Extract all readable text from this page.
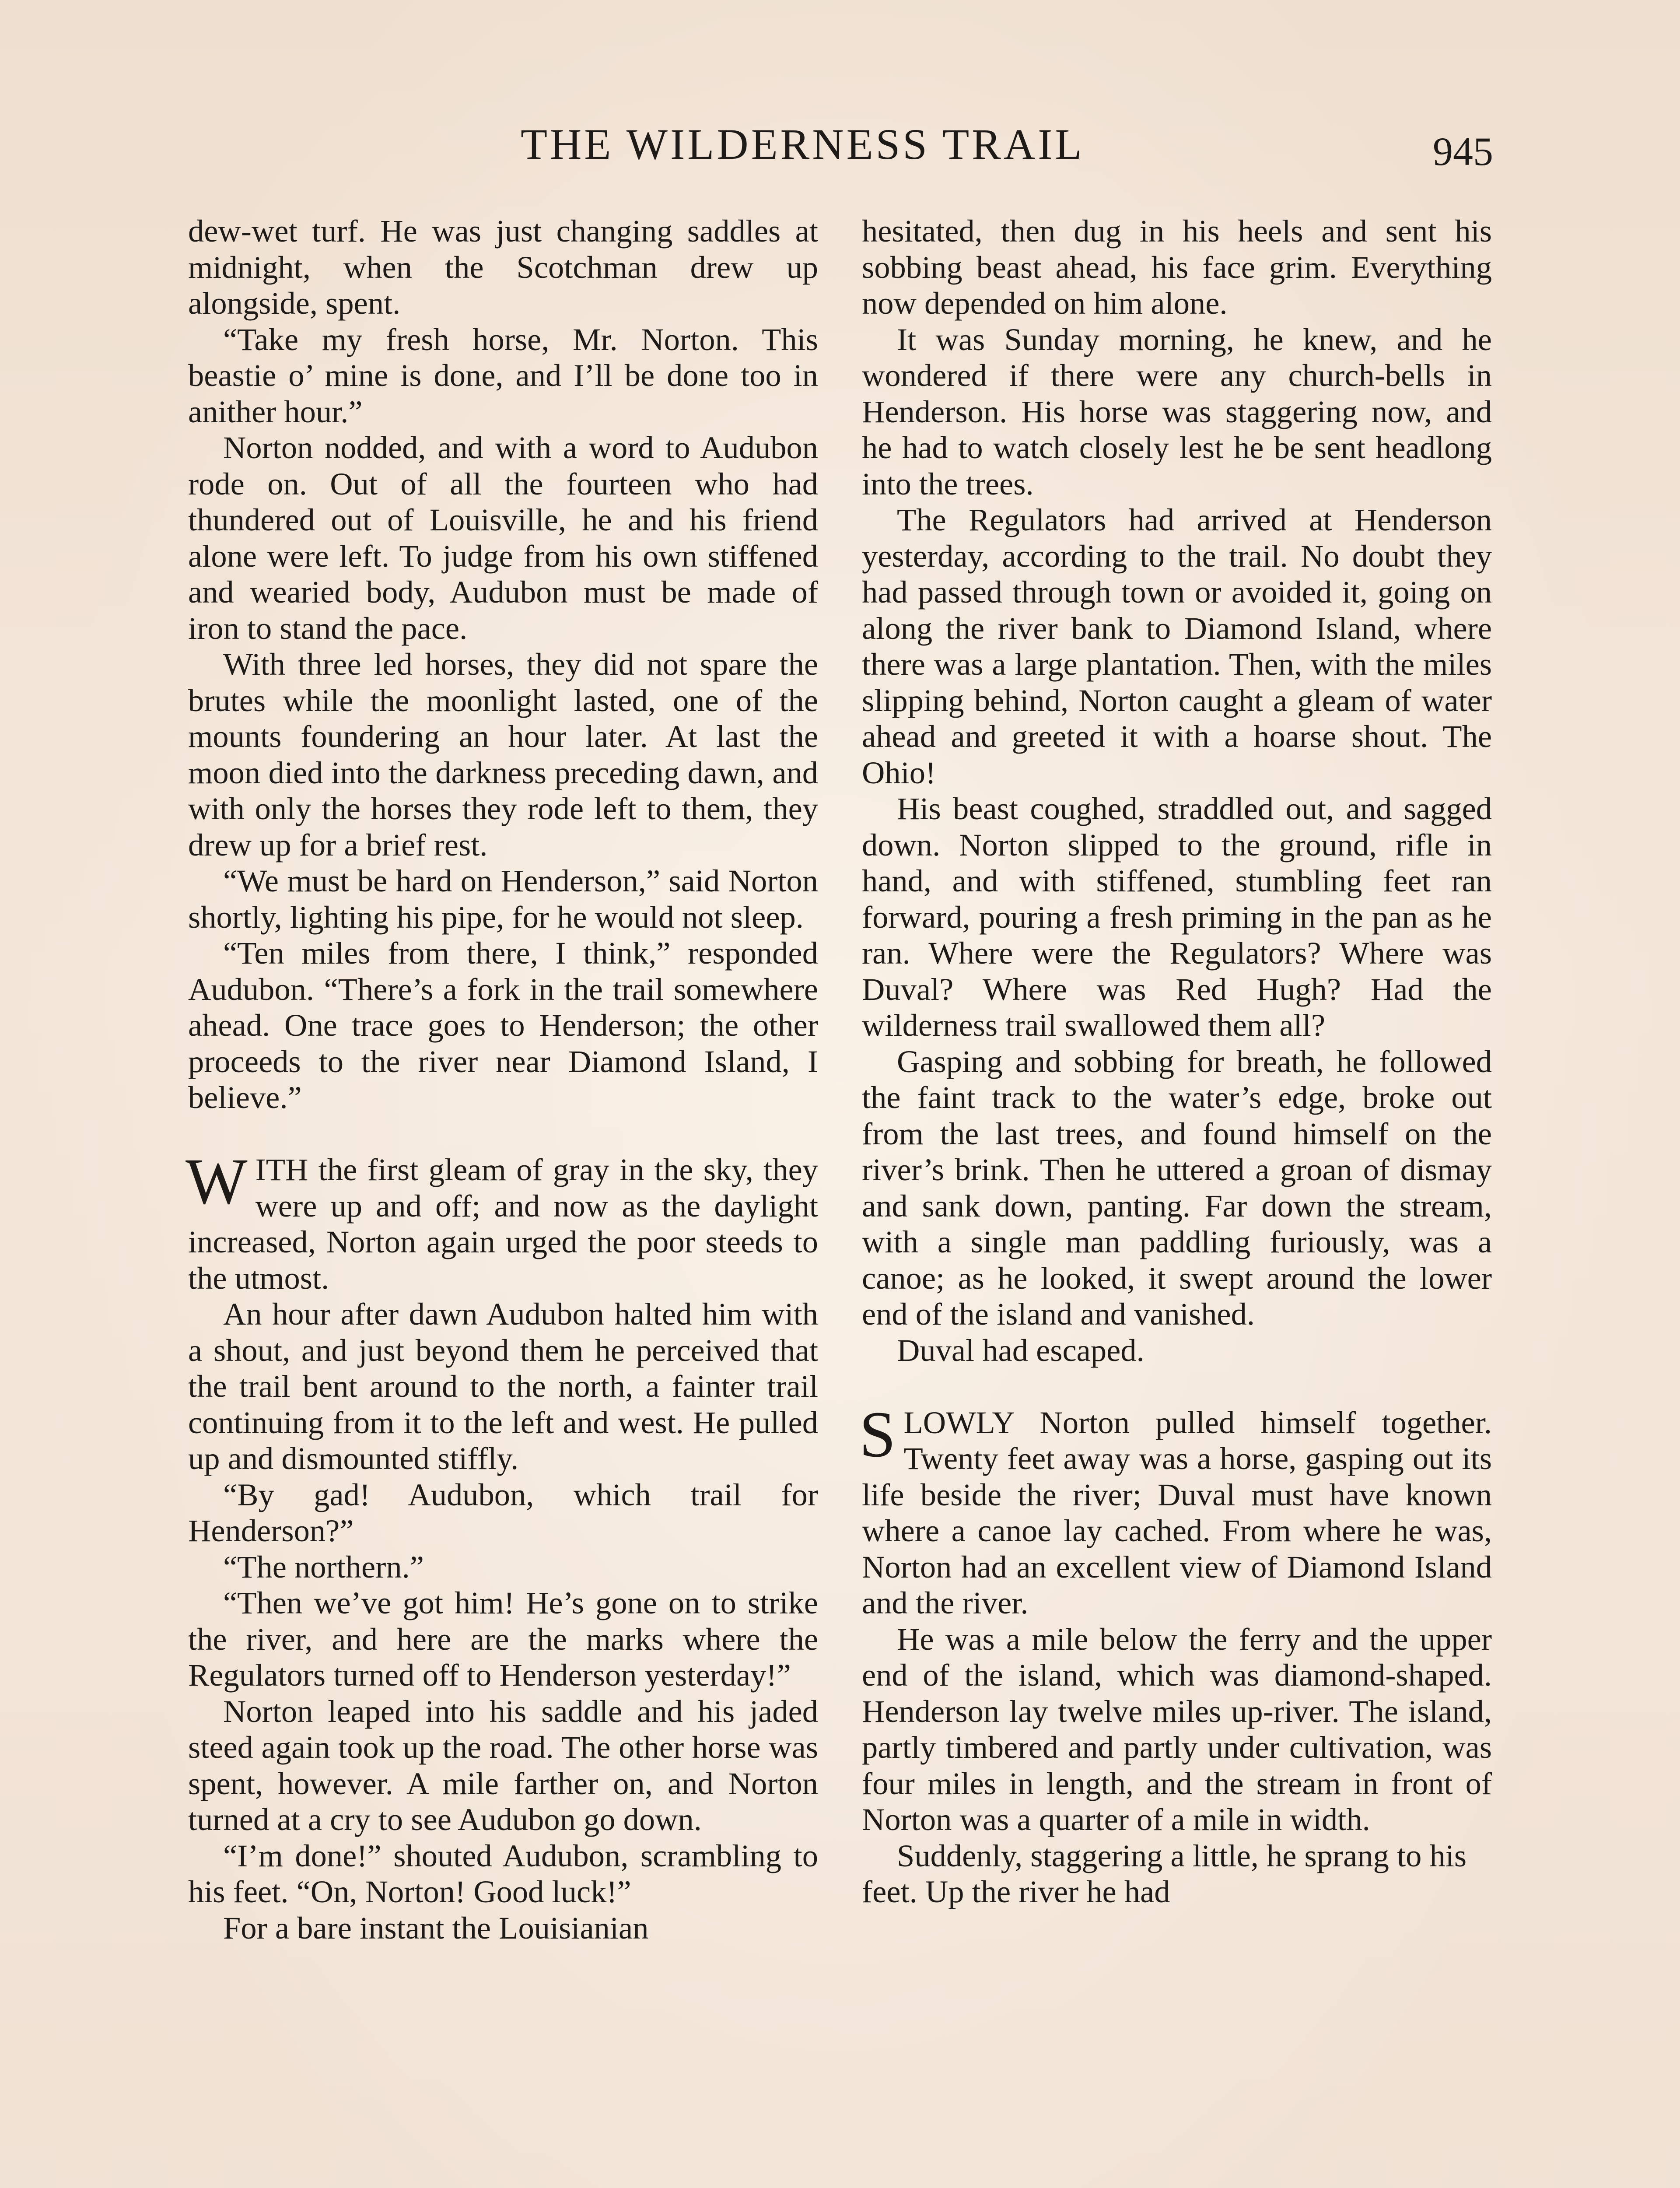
THE WILDERNESS TRAIL	945

dew-wet turf. He was just changing saddles at midnight, when the Scotchman drew up alongside, spent.

“Take my fresh horse, Mr. Norton. This beastie o’ mine is done, and I’ll be done too in anither hour.”

Norton nodded, and with a word to Audubon rode on. Out of all the fourteen who had thundered out of Louisville, he and his friend alone were left. To judge from his own stiffened and wearied body, Audubon must be made of iron to stand the pace.

With three led horses, they did not spare the brutes while the moonlight lasted, one of the mounts foundering an hour later. At last the moon died into the darkness preceding dawn, and with only the horses they rode left to them, they drew up for a brief rest.

“We must be hard on Henderson,” said Norton shortly, lighting his pipe, for he would not sleep.

“Ten miles from there, I think,” responded Audubon. “There’s a fork in the trail somewhere ahead. One trace goes to Henderson; the other proceeds to the river near Diamond Island, I believe.”

WITH the first gleam of gray in the sky, they were up and off; and now as the daylight increased, Norton again urged the poor steeds to the utmost.

An hour after dawn Audubon halted him with a shout, and just beyond them he perceived that the trail bent around to the north, a fainter trail continuing from it to the left and west. He pulled up and dismounted stiffly.

“By gad! Audubon, which trail for Henderson?”

“The northern.”

“Then we’ve got him! He’s gone on to strike the river, and here are the marks where the Regulators turned off to Henderson yesterday!”

Norton leaped into his saddle and his jaded steed again took up the road. The other horse was spent, however. A mile farther on, and Norton turned at a cry to see Audubon go down.

“I’m done!” shouted Audubon, scrambling to his feet. “On, Norton! Good luck!”

For a bare instant the Louisianian

hesitated, then dug in his heels and sent his sobbing beast ahead, his face grim. Everything now depended on him alone.

It was Sunday morning, he knew, and he wondered if there were any church-bells in Henderson. His horse was staggering now, and he had to watch closely lest he be sent headlong into the trees.

The Regulators had arrived at Henderson yesterday, according to the trail. No doubt they had passed through town or avoided it, going on along the river bank to Diamond Island, where there was a large plantation. Then, with the miles slipping behind, Norton caught a gleam of water ahead and greeted it with a hoarse shout. The Ohio!

His beast coughed, straddled out, and sagged down. Norton slipped to the ground, rifle in hand, and with stiffened, stumbling feet ran forward, pouring a fresh priming in the pan as he ran. Where were the Regulators? Where was Duval? Where was Red Hugh? Had the wilderness trail swallowed them all?

Gasping and sobbing for breath, he followed the faint track to the water’s edge, broke out from the last trees, and found himself on the river’s brink. Then he uttered a groan of dismay and sank down, panting. Far down the stream, with a single man paddling furiously, was a canoe; as he looked, it swept around the lower end of the island and vanished.

Duval had escaped.

SLOWLY Norton pulled himself together. Twenty feet away was a horse, gasping out its life beside the river; Duval must have known where a canoe lay cached. From where he was, Norton had an excellent view of Diamond Island and the river.

He was a mile below the ferry and the upper end of the island, which was diamond-shaped. Henderson lay twelve miles up-river. The island, partly timbered and partly under cultivation, was four miles in length, and the stream in front of Norton was a quarter of a mile in width.

Suddenly, staggering a little, he sprang to his feet. Up the river he had
